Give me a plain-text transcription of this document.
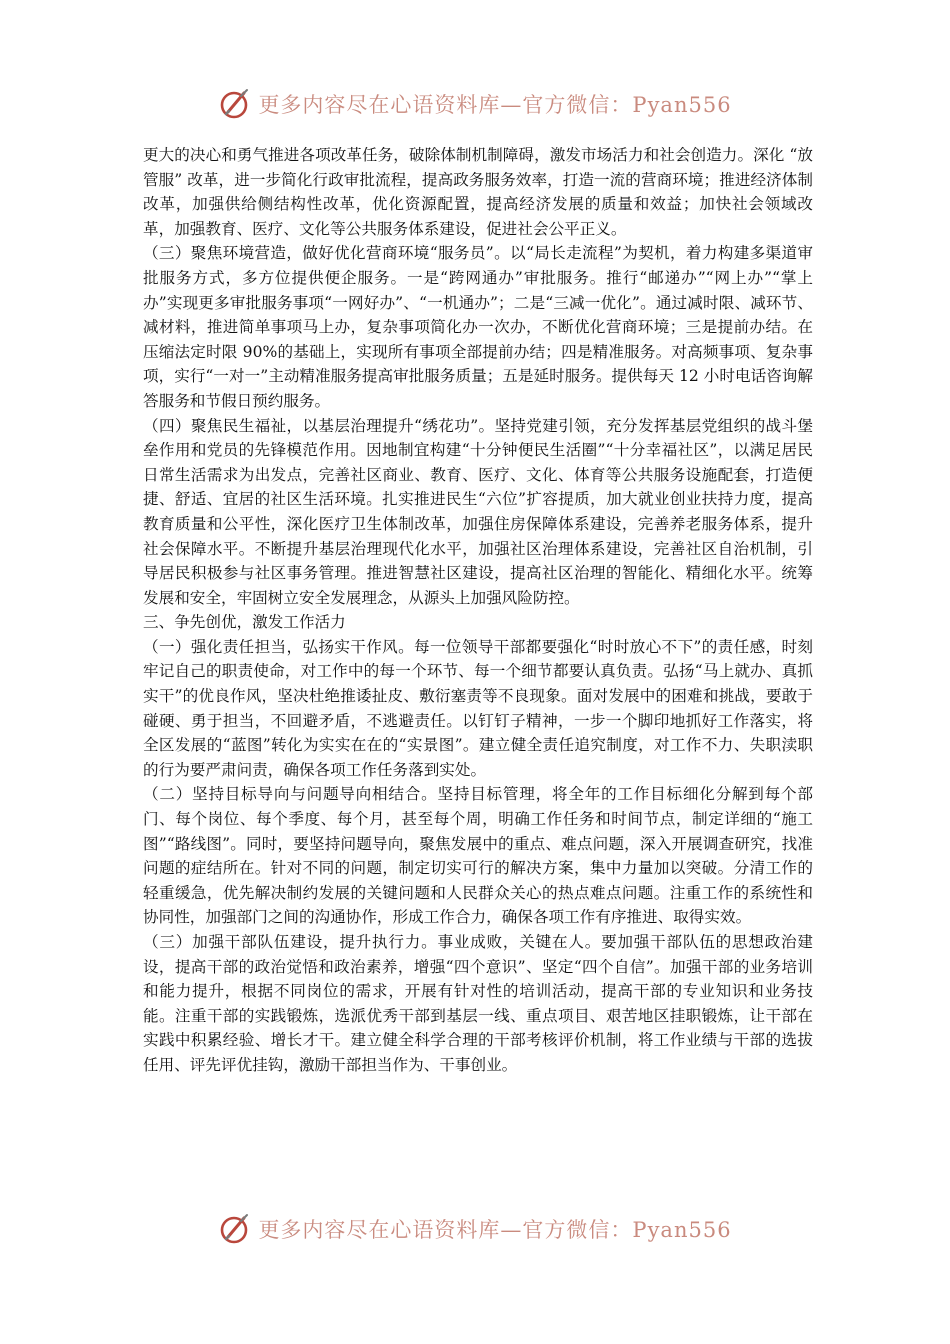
更多内容尽在心语资料库—官方微信：Pyan556

更大的决心和勇气推进各项改革任务，破除体制机制障碍，激发市场活力和社会创造力。深化 “放管服” 改革，进一步简化行政审批流程，提高政务服务效率，打造一流的营商环境；推进经济体制改革，加强供给侧结构性改革，优化资源配置，提高经济发展的质量和效益；加快社会领域改革，加强教育、医疗、文化等公共服务体系建设，促进社会公平正义。

（三）聚焦环境营造，做好优化营商环境“服务员”。以“局长走流程”为契机，着力构建多渠道审批服务方式，多方位提供便企服务。一是“跨网通办”审批服务。推行“邮递办”“网上办”“掌上办”实现更多审批服务事项“一网好办”、“一机通办”；二是“三减一优化”。通过减时限、减环节、减材料，推进简单事项马上办，复杂事项简化办一次办，不断优化营商环境；三是提前办结。在压缩法定时限 90%的基础上，实现所有事项全部提前办结；四是精准服务。对高频事项、复杂事项，实行“一对一”主动精准服务提高审批服务质量；五是延时服务。提供每天 12 小时电话咨询解答服务和节假日预约服务。

（四）聚焦民生福祉，以基层治理提升“绣花功”。坚持党建引领，充分发挥基层党组织的战斗堡垒作用和党员的先锋模范作用。因地制宜构建“十分钟便民生活圈”“十分幸福社区”，以满足居民日常生活需求为出发点，完善社区商业、教育、医疗、文化、体育等公共服务设施配套，打造便捷、舒适、宜居的社区生活环境。扎实推进民生“六位”扩容提质，加大就业创业扶持力度，提高教育质量和公平性，深化医疗卫生体制改革，加强住房保障体系建设，完善养老服务体系，提升社会保障水平。不断提升基层治理现代化水平，加强社区治理体系建设，完善社区自治机制，引导居民积极参与社区事务管理。推进智慧社区建设，提高社区治理的智能化、精细化水平。统筹发展和安全，牢固树立安全发展理念，从源头上加强风险防控。

三、争先创优，激发工作活力

（一）强化责任担当，弘扬实干作风。每一位领导干部都要强化“时时放心不下”的责任感，时刻牢记自己的职责使命，对工作中的每一个环节、每一个细节都要认真负责。弘扬“马上就办、真抓实干”的优良作风，坚决杜绝推诿扯皮、敷衍塞责等不良现象。面对发展中的困难和挑战，要敢于碰硬、勇于担当，不回避矛盾，不逃避责任。以钉钉子精神，一步一个脚印地抓好工作落实，将全区发展的“蓝图”转化为实实在在的“实景图”。建立健全责任追究制度，对工作不力、失职渎职的行为要严肃问责，确保各项工作任务落到实处。

（二）坚持目标导向与问题导向相结合。坚持目标管理，将全年的工作目标细化分解到每个部门、每个岗位、每个季度、每个月，甚至每个周，明确工作任务和时间节点，制定详细的“施工图”“路线图”。同时，要坚持问题导向，聚焦发展中的重点、难点问题，深入开展调查研究，找准问题的症结所在。针对不同的问题，制定切实可行的解决方案，集中力量加以突破。分清工作的轻重缓急，优先解决制约发展的关键问题和人民群众关心的热点难点问题。注重工作的系统性和协同性，加强部门之间的沟通协作，形成工作合力，确保各项工作有序推进、取得实效。

（三）加强干部队伍建设，提升执行力。事业成败，关键在人。要加强干部队伍的思想政治建设，提高干部的政治觉悟和政治素养，增强“四个意识”、坚定“四个自信”。加强干部的业务培训和能力提升，根据不同岗位的需求，开展有针对性的培训活动，提高干部的专业知识和业务技能。注重干部的实践锻炼，选派优秀干部到基层一线、重点项目、艰苦地区挂职锻炼，让干部在实践中积累经验、增长才干。建立健全科学合理的干部考核评价机制，将工作业绩与干部的选拔任用、评先评优挂钩，激励干部担当作为、干事创业。

更多内容尽在心语资料库—官方微信：Pyan556
